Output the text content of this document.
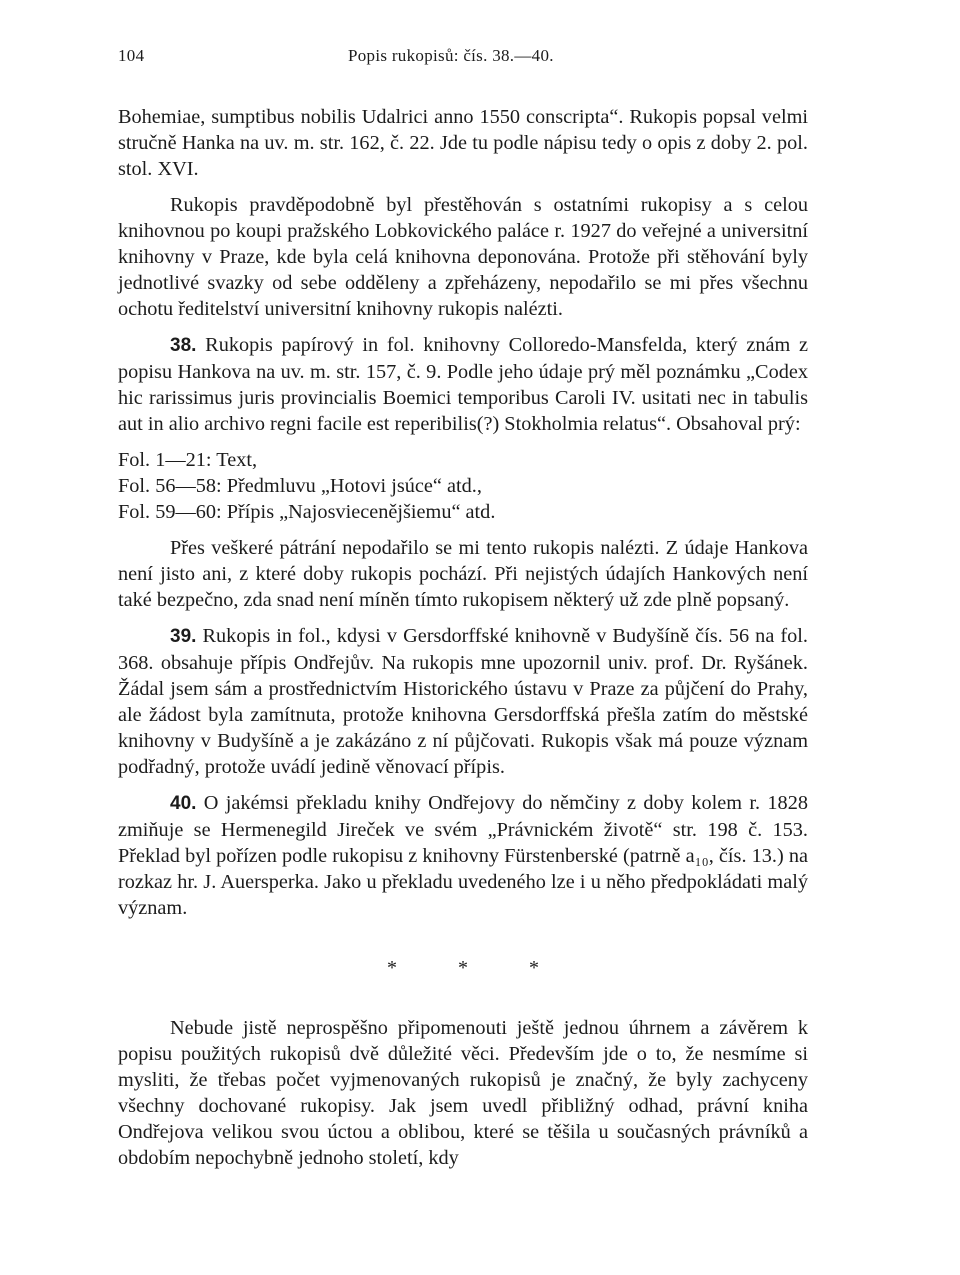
104	Popis rukopisů: čís. 38.—40.

Bohemiae, sumptibus nobilis Udalrici anno 1550 conscripta“. Rukopis popsal velmi stručně Hanka na uv. m. str. 162, č. 22. Jde tu podle nápisu tedy o opis z doby 2. pol. stol. XVI.

Rukopis pravděpodobně byl přestěhován s ostatními rukopisy a s celou knihovnou po koupi pražského Lobkovického paláce r. 1927 do veřejné a universitní knihovny v Praze, kde byla celá knihovna deponována. Protože při stěhování byly jednotlivé svazky od sebe odděleny a zpřeházeny, nepodařilo se mi přes všechnu ochotu ředitelství universitní knihovny rukopis nalézti.

38. Rukopis papírový in fol. knihovny Colloredo-Mansfelda, který znám z popisu Hankova na uv. m. str. 157, č. 9. Podle jeho údaje prý měl poznámku „Codex hic rarissimus juris provincialis Boemici temporibus Caroli IV. usitati nec in tabulis aut in alio archivo regni facile est reperibilis(?) Stokholmia relatus“. Obsahoval prý:

Fol. 1—21: Text,
Fol. 56—58: Předmluvu „Hotovi jsúce“ atd.,
Fol. 59—60: Přípis „Najosviecenějšiemu“ atd.

Přes veškeré pátrání nepodařilo se mi tento rukopis nalézti. Z údaje Hankova není jisto ani, z které doby rukopis pochází. Při nejistých údajích Hankových není také bezpečno, zda snad není míněn tímto rukopisem některý už zde plně popsaný.

39. Rukopis in fol., kdysi v Gersdorffské knihovně v Budyšíně čís. 56 na fol. 368. obsahuje přípis Ondřejův. Na rukopis mne upozornil univ. prof. Dr. Ryšánek. Žádal jsem sám a prostřednictvím Historického ústavu v Praze za půjčení do Prahy, ale žádost byla zamítnuta, protože knihovna Gersdorffská přešla zatím do městské knihovny v Budyšíně a je zakázáno z ní půjčovati. Rukopis však má pouze význam podřadný, protože uvádí jedině věnovací přípis.

40. O jakémsi překladu knihy Ondřejovy do němčiny z doby kolem r. 1828 zmiňuje se Hermenegild Jireček ve svém „Právnickém životě“ str. 198 č. 153. Překlad byl pořízen podle rukopisu z knihovny Fürstenberské (patrně a₁₀, čís. 13.) na rozkaz hr. J. Auersperka. Jako u překladu uvedeného lze i u něho předpokládati malý význam.

* * *

Nebude jistě neprospěšno připomenouti ještě jednou úhrnem a závěrem k popisu použitých rukopisů dvě důležité věci. Především jde o to, že nesmíme si mysliti, že třebas počet vyjmenovaných rukopisů je značný, že byly zachyceny všechny dochované rukopisy. Jak jsem uvedl přibližný odhad, právní kniha Ondřejova velikou svou úctou a oblibou, které se těšila u současných právníků a obdobím nepochybně jednoho století, kdy
